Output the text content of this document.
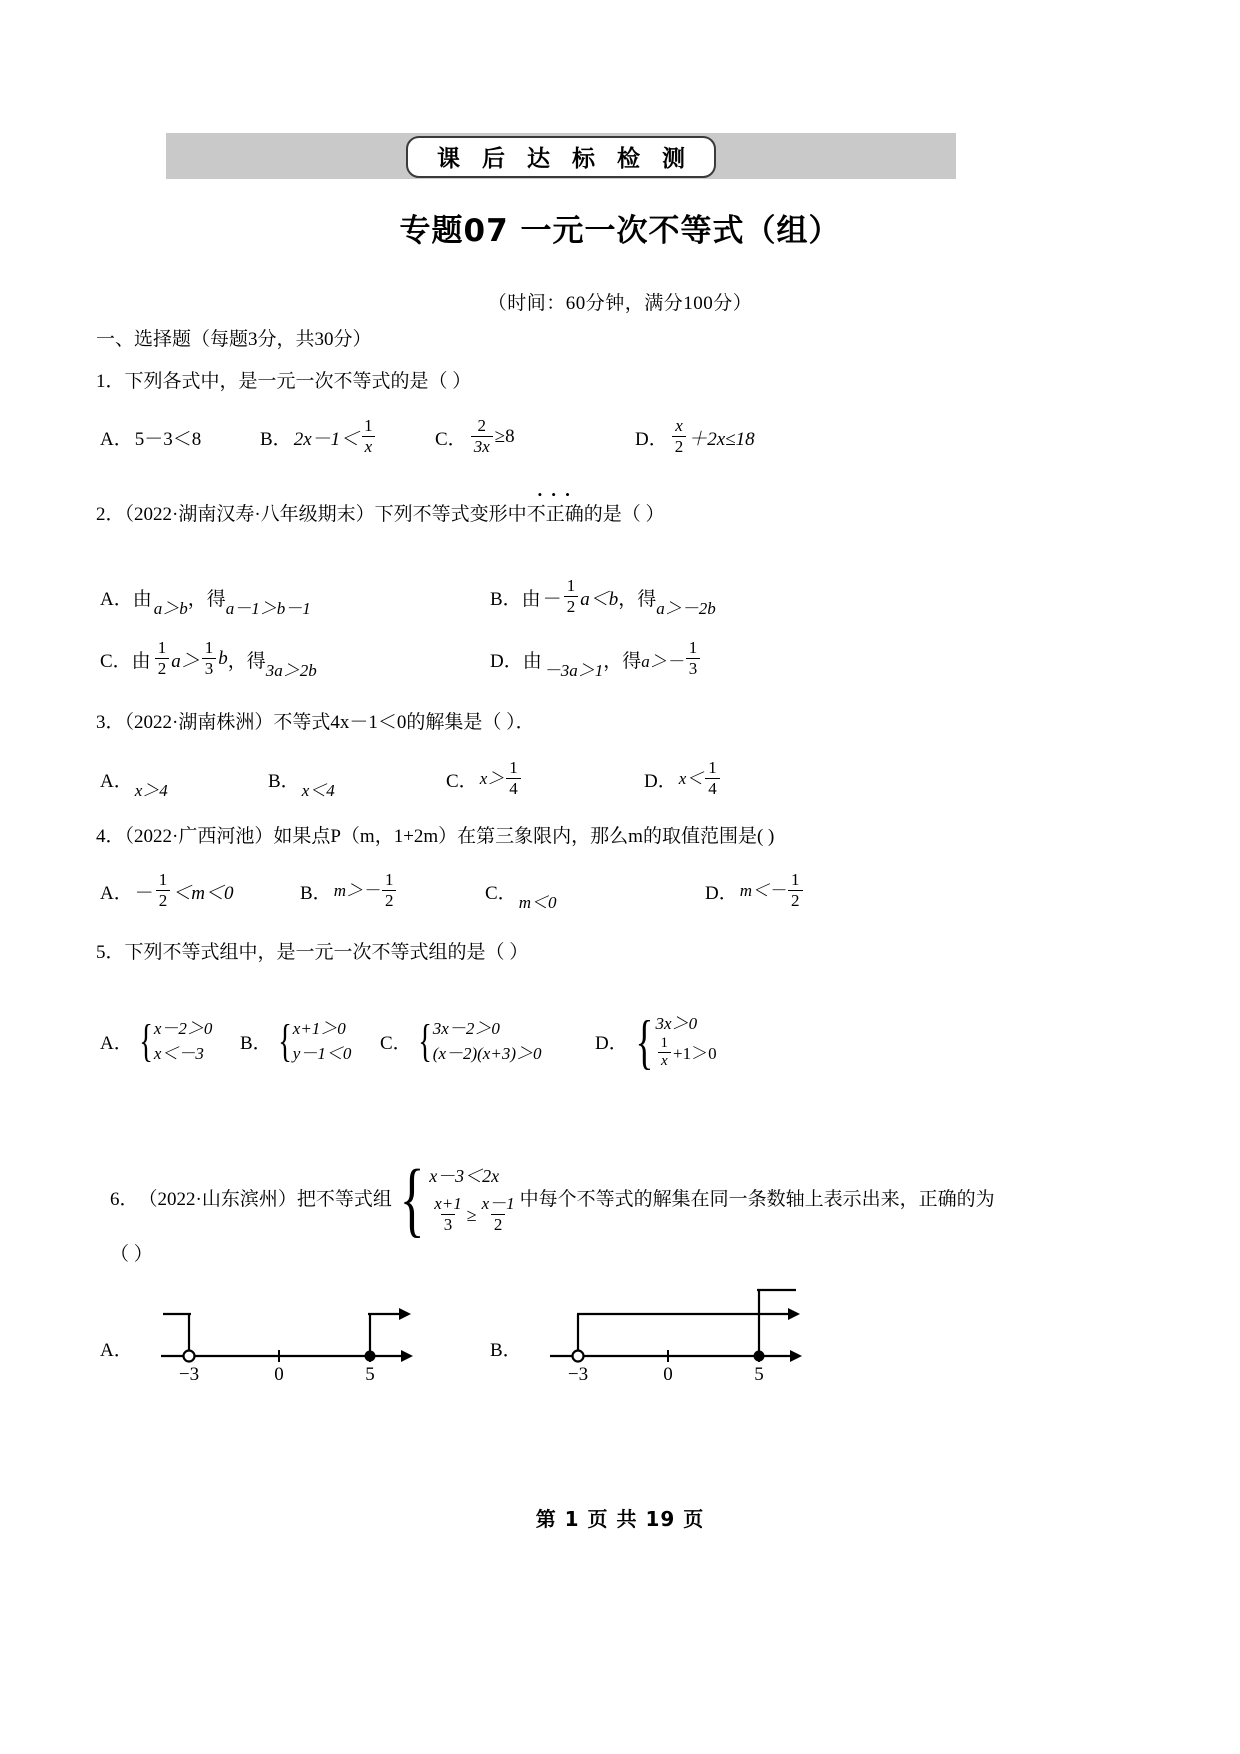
课 后 达 标 检 测
专题07 一元一次不等式（组）
（时间：60分钟，满分100分）
一、选择题（每题3分，共30分）
1．下列各式中，是一元一次不等式的是（ ）
A． 5－3＜8	B． $2x-1< \frac{1}{x}$	C． $\frac{2}{3x} \ge 8$	D． $\frac{x}{2} +2x\le 18$
2．（2022·湖南汉寿·八年级期末）下列不等式变形中• • • 不正确的是（ ）
A．由 a＞b ，得 a－1＞b－1	B．由 － $\frac{1}{2} a<b$ ，得 a＞－2b
C．由 $\frac{1}{2} a> \frac{1}{3}$ b ，得 3a＞2b	D．由 －3a＞1 ，得 $a>- \frac{1}{3}$
3．（2022·湖南株洲）不等式4x－1＜0的解集是（ ）．
A． x＞4	B． x＜4	C． $x> \frac{1}{4}$	D． $x< \frac{1}{4}$
4．（2022·广西河池）如果点P（m，1+2m）在第三象限内，那么m的取值范围是( )
A． － $\frac{1}{2} <m<0$	B． $m>- \frac{1}{2}$	C． m＜0	D． $m<- \frac{1}{2}$
5．下列不等式组中，是一元一次不等式组的是（ ）
A． { x－2＞0
x＜－3	B． { x+1＞0
y－1＜0 C． { 3x－2＞0
(x－2)(x+3)＞0	D． { 3x＞0
$\frac{1}{x} +1>0$
6． （2022·山东滨州） 把不等式组 { x－3＜2x
$\frac{x+1}{3} \ge \frac{x-1}{2}$ 中每个不等式的解集在同一条数轴上表示出来，正确的为
（ ）
A．
−3	0	5
B．
−3	0	5
第 1 页 共 19 页
